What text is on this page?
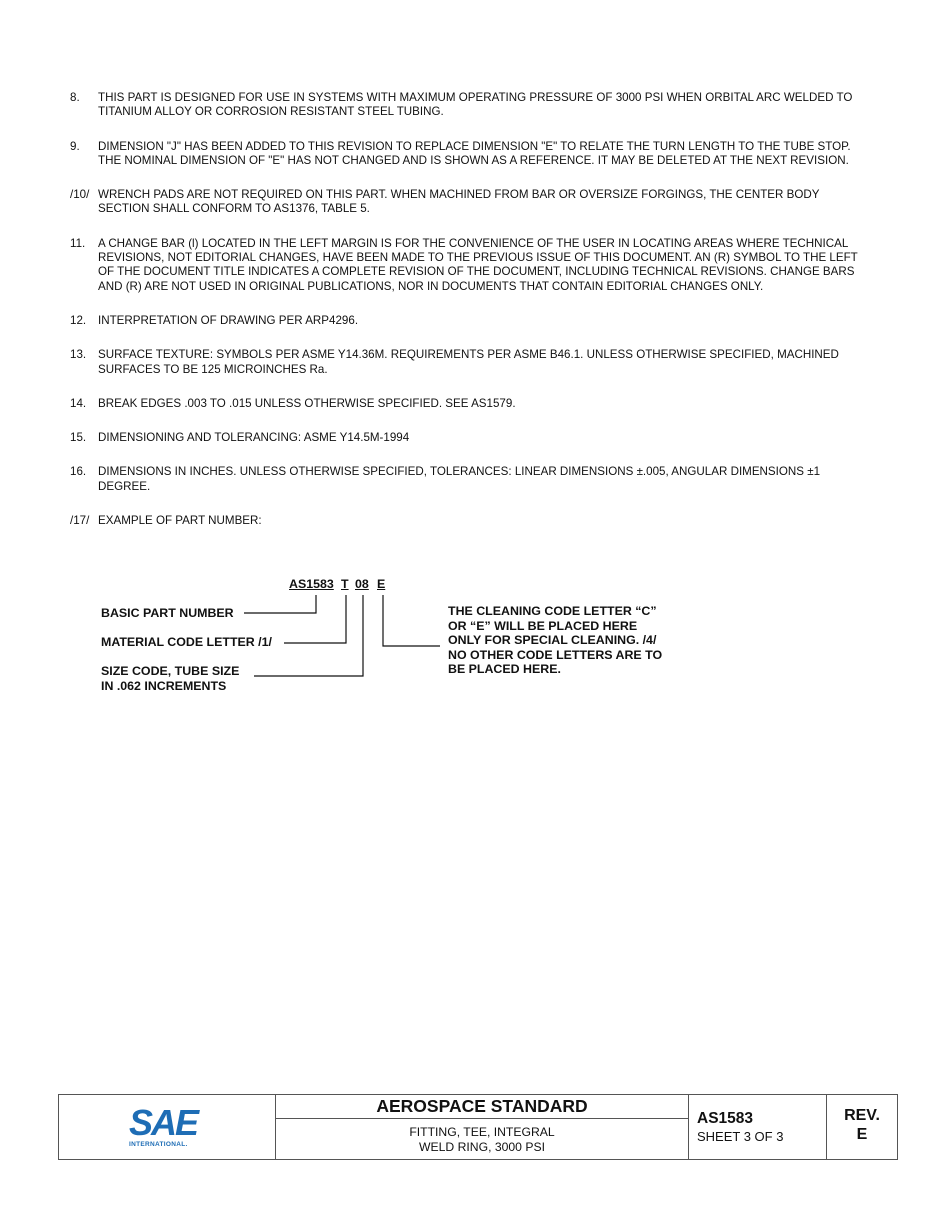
8.	THIS PART IS DESIGNED FOR USE IN SYSTEMS WITH MAXIMUM OPERATING PRESSURE OF 3000 PSI WHEN ORBITAL ARC WELDED TO TITANIUM ALLOY OR CORROSION RESISTANT STEEL TUBING.
9.	DIMENSION "J" HAS BEEN ADDED TO THIS REVISION TO REPLACE DIMENSION "E" TO RELATE THE TURN LENGTH TO THE TUBE STOP. THE NOMINAL DIMENSION OF "E" HAS NOT CHANGED AND IS SHOWN AS A REFERENCE. IT MAY BE DELETED AT THE NEXT REVISION.
/10/ WRENCH PADS ARE NOT REQUIRED ON THIS PART. WHEN MACHINED FROM BAR OR OVERSIZE FORGINGS, THE CENTER BODY SECTION SHALL CONFORM TO AS1376, TABLE 5.
11.	A CHANGE BAR (l) LOCATED IN THE LEFT MARGIN IS FOR THE CONVENIENCE OF THE USER IN LOCATING AREAS WHERE TECHNICAL REVISIONS, NOT EDITORIAL CHANGES, HAVE BEEN MADE TO THE PREVIOUS ISSUE OF THIS DOCUMENT. AN (R) SYMBOL TO THE LEFT OF THE DOCUMENT TITLE INDICATES A COMPLETE REVISION OF THE DOCUMENT, INCLUDING TECHNICAL REVISIONS. CHANGE BARS AND (R) ARE NOT USED IN ORIGINAL PUBLICATIONS, NOR IN DOCUMENTS THAT CONTAIN EDITORIAL CHANGES ONLY.
12.	INTERPRETATION OF DRAWING PER ARP4296.
13.	SURFACE TEXTURE: SYMBOLS PER ASME Y14.36M. REQUIREMENTS PER ASME B46.1. UNLESS OTHERWISE SPECIFIED, MACHINED SURFACES TO BE 125 MICROINCHES Ra.
14.	BREAK EDGES .003 TO .015 UNLESS OTHERWISE SPECIFIED. SEE AS1579.
15.	DIMENSIONING AND TOLERANCING: ASME Y14.5M-1994
16.	DIMENSIONS IN INCHES. UNLESS OTHERWISE SPECIFIED, TOLERANCES: LINEAR DIMENSIONS ±.005, ANGULAR DIMENSIONS ±1 DEGREE.
/17/ EXAMPLE OF PART NUMBER:
AS1583 T 08 E
BASIC PART NUMBER
MATERIAL CODE LETTER /1/
SIZE CODE, TUBE SIZE
IN .062 INCREMENTS
THE CLEANING CODE LETTER “C”
OR “E” WILL BE PLACED HERE
ONLY FOR SPECIAL CLEANING. /4/
NO OTHER CODE LETTERS ARE TO
BE PLACED HERE.
SAE
INTERNATIONAL.
AEROSPACE STANDARD
FITTING, TEE, INTEGRAL
WELD RING, 3000 PSI
AS1583
SHEET 3 OF 3
REV.
E
